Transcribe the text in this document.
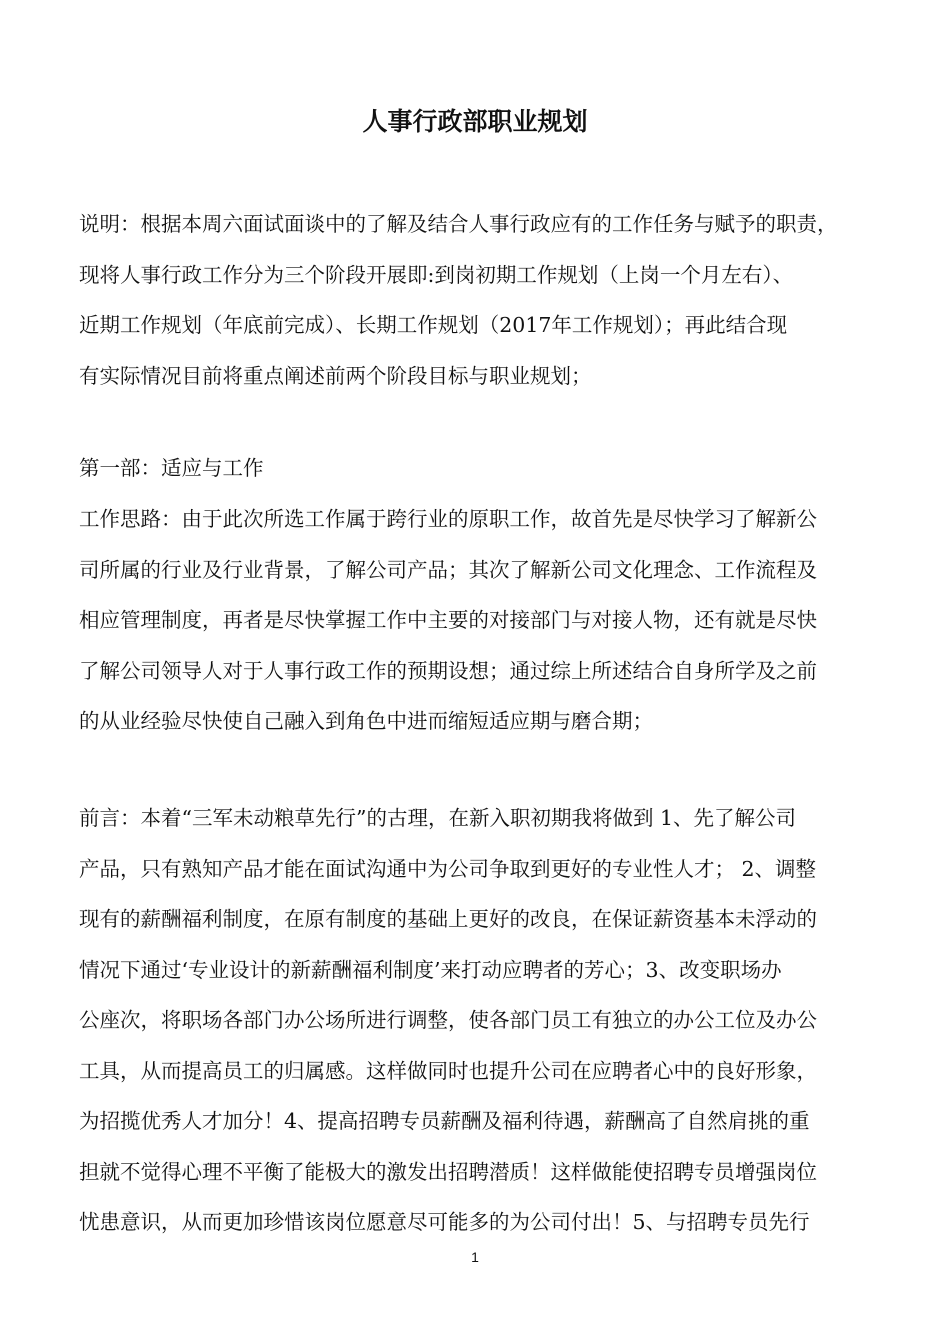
人事行政部职业规划
说明：根据本周六面试面谈中的了解及结合人事行政应有的工作任务与赋予的职责，
现将人事行政工作分为三个阶段开展即:到岗初期工作规划（上岗一个月左右）、
近期工作规划（年底前完成）、长期工作规划（2017年工作规划）；再此结合现
有实际情况目前将重点阐述前两个阶段目标与职业规划；
第一部：适应与工作
工作思路：由于此次所选工作属于跨行业的原职工作，故首先是尽快学习了解新公
司所属的行业及行业背景，了解公司产品；其次了解新公司文化理念、工作流程及
相应管理制度，再者是尽快掌握工作中主要的对接部门与对接人物，还有就是尽快
了解公司领导人对于人事行政工作的预期设想；通过综上所述结合自身所学及之前
的从业经验尽快使自己融入到角色中进而缩短适应期与磨合期；
前言：本着“三军未动粮草先行”的古理，在新入职初期我将做到 1、先了解公司
产品，只有熟知产品才能在面试沟通中为公司争取到更好的专业性人才； 2、调整
现有的薪酬福利制度，在原有制度的基础上更好的改良，在保证薪资基本未浮动的
情况下通过‘专业设计的新薪酬福利制度’来打动应聘者的芳心；3、改变职场办
公座次，将职场各部门办公场所进行调整，使各部门员工有独立的办公工位及办公
工具，从而提高员工的归属感。这样做同时也提升公司在应聘者心中的良好形象，
为招揽优秀人才加分！4、提高招聘专员薪酬及福利待遇，薪酬高了自然肩挑的重
担就不觉得心理不平衡了能极大的激发出招聘潜质！这样做能使招聘专员增强岗位
忧患意识，从而更加珍惜该岗位愿意尽可能多的为公司付出！5、与招聘专员先行
1
